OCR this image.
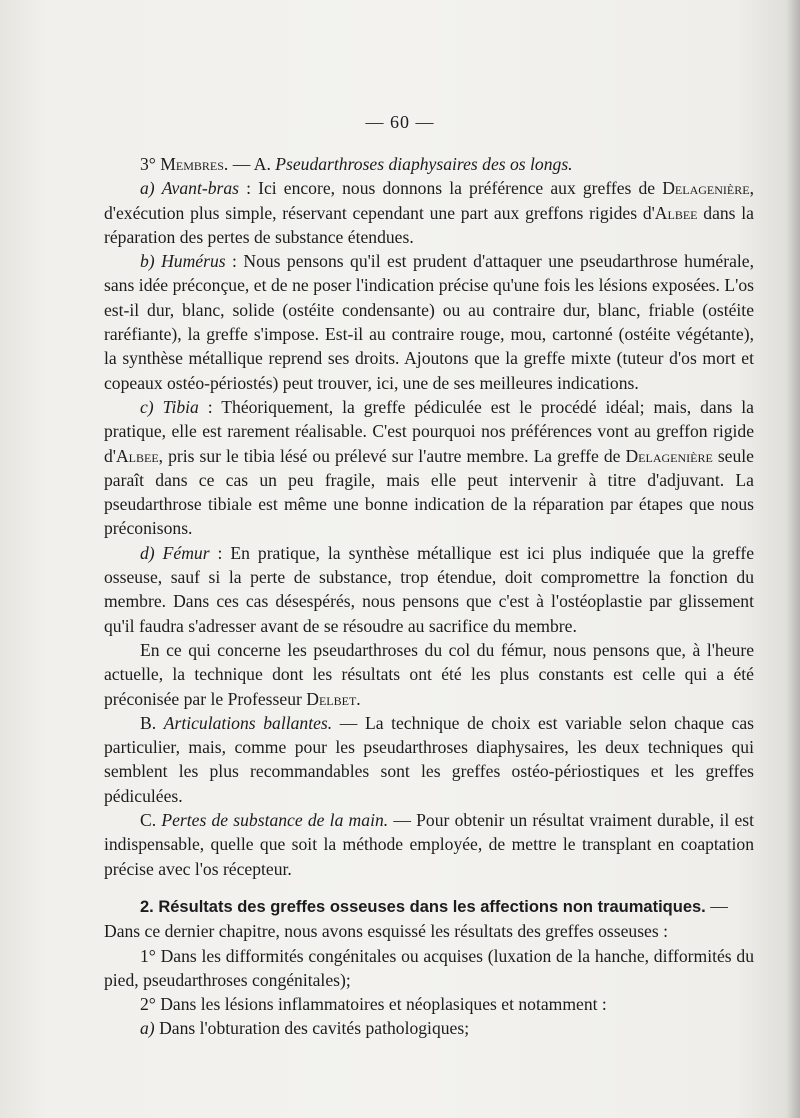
— 60 —

3° Membres. — A. Pseudarthroses diaphysaires des os longs.

a) Avant-bras : Ici encore, nous donnons la préférence aux greffes de Delagenière, d'exécution plus simple, réservant cependant une part aux greffons rigides d'Albee dans la réparation des pertes de substance étendues.

b) Humérus : Nous pensons qu'il est prudent d'attaquer une pseudarthrose humérale, sans idée préconçue, et de ne poser l'indication précise qu'une fois les lésions exposées. L'os est-il dur, blanc, solide (ostéite condensante) ou au contraire dur, blanc, friable (ostéite raréfiante), la greffe s'impose. Est-il au contraire rouge, mou, cartonné (ostéite végétante), la synthèse métallique reprend ses droits. Ajoutons que la greffe mixte (tuteur d'os mort et copeaux ostéo-périostés) peut trouver, ici, une de ses meilleures indications.

c) Tibia : Théoriquement, la greffe pédiculée est le procédé idéal; mais, dans la pratique, elle est rarement réalisable. C'est pourquoi nos préférences vont au greffon rigide d'Albee, pris sur le tibia lésé ou prélevé sur l'autre membre. La greffe de Delagenière seule paraît dans ce cas un peu fragile, mais elle peut intervenir à titre d'adjuvant. La pseudarthrose tibiale est même une bonne indication de la réparation par étapes que nous préconisons.

d) Fémur : En pratique, la synthèse métallique est ici plus indiquée que la greffe osseuse, sauf si la perte de substance, trop étendue, doit compromettre la fonction du membre. Dans ces cas désespérés, nous pensons que c'est à l'ostéoplastie par glissement qu'il faudra s'adresser avant de se résoudre au sacrifice du membre.

En ce qui concerne les pseudarthroses du col du fémur, nous pensons que, à l'heure actuelle, la technique dont les résultats ont été les plus constants est celle qui a été préconisée par le Professeur Delbet.

B. Articulations ballantes. — La technique de choix est variable selon chaque cas particulier, mais, comme pour les pseudarthroses diaphysaires, les deux techniques qui semblent les plus recommandables sont les greffes ostéo-périostiques et les greffes pédiculées.

C. Pertes de substance de la main. — Pour obtenir un résultat vraiment durable, il est indispensable, quelle que soit la méthode employée, de mettre le transplant en coaptation précise avec l'os récepteur.

2. Résultats des greffes osseuses dans les affections non traumatiques. —

Dans ce dernier chapitre, nous avons esquissé les résultats des greffes osseuses :

1° Dans les difformités congénitales ou acquises (luxation de la hanche, difformités du pied, pseudarthroses congénitales);

2° Dans les lésions inflammatoires et néoplasiques et notamment :

a) Dans l'obturation des cavités pathologiques;
